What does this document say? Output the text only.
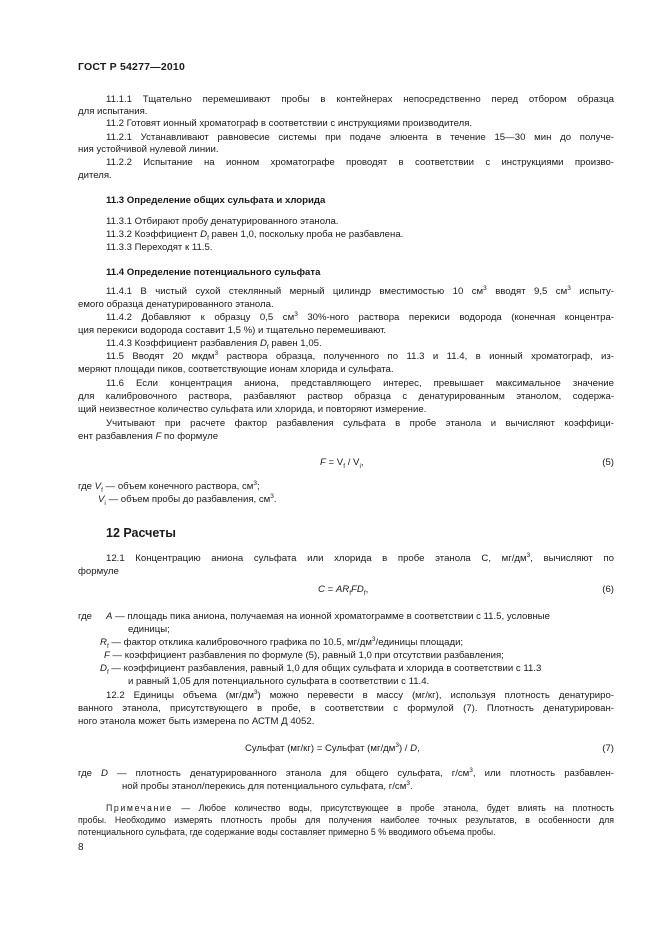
ГОСТ Р 54277—2010
11.1.1 Тщательно перемешивают пробы в контейнерах непосредственно перед отбором образца
для испытания.
11.2 Готовят ионный хроматограф в соответствии с инструкциями производителя.
11.2.1 Устанавливают равновесие системы при подаче элюента в течение 15—30 мин до получе-
ния устойчивой нулевой линии.
11.2.2 Испытание на ионном хроматографе проводят в соответствии с инструкциями произво-
дителя.
11.3 Определение общих сульфата и хлорида
11.3.1 Отбирают пробу денатурированного этанола.
11.3.2 Коэффициент $D_f$ равен 1,0, поскольку проба не разбавлена.
11.3.3 Переходят к 11.5.
11.4 Определение потенциального сульфата
11.4.1 В чистый сухой стеклянный мерный цилиндр вместимостью 10 $см^3$ вводят 9,5 $см^3$ испыту-
емого образца денатурированного этанола.
11.4.2 Добавляют к образцу 0,5 $см^3$ 30%-ного раствора перекиси водорода (конечная концентра-
ция перекиси водорода составит 1,5 %) и тщательно перемешивают.
11.4.3 Коэффициент разбавления $D_f$ равен 1,05.
11.5 Вводят 20 мкдм$^3$ раствора образца, полученного по 11.3 и 11.4, в ионный хроматограф, из-
меряют площади пиков, соответствующие ионам хлорида и сульфата.
11.6 Если концентрация аниона, представляющего интерес, превышает максимальное значение
для калибровочного раствора, разбавляют раствор образца с денатурированным этанолом, содержа-
щий неизвестное количество сульфата или хлорида, и повторяют измерение.
Учитывают при расчете фактор разбавления сульфата в пробе этанола и вычисляют коэффици-
ент разбавления F по формуле
$F = V_f / V_i$,	(5)
где $V_f$ — объем конечного раствора, $см^3$;
$V_i$ — объем пробы до разбавления, $см^3$.
12 Расчеты
12.1 Концентрацию аниона сульфата или хлорида в пробе этанола C, $мг/дм^3$, вычисляют по
формуле
$C = AR_fFD_f$,	(6)
где A — площадь пика аниона, получаемая на ионной хроматограмме в соответствии с 11.5, условные
единицы;
$R_f$ — фактор отклика калибровочного графика по 10.5, $мг/дм^3$/единицы площади;
F — коэффициент разбавления по формуле (5), равный 1,0 при отсутствии разбавления;
$D_f$ — коэффициент разбавления, равный 1,0 для общих сульфата и хлорида в соответствии с 11.3
и равный 1,05 для потенциального сульфата в соответствии с 11.4.
12.2 Единицы объема $(мг/дм^3)$ можно перевести в массу (мг/кг), используя плотность денатуриро-
ванного этанола, присутствующего в пробе, в соответствии с формулой (7). Плотность денатурирован-
ного этанола может быть измерена по АСТМ Д 4052.
Сульфат (мг/кг) = Сульфат $(мг/дм^3)$ / D,	(7)
где D — плотность денатурированного этанола для общего сульфата, $г/см^3$, или плотность разбавлен-
ной пробы этанол/перекись для потенциального сульфата, $г/см^3$.
Примечание — Любое количество воды, присутствующее в пробе этанола, будет влиять на плотность
пробы. Необходимо измерять плотность пробы для получения наиболее точных результатов, в особенности для
потенциального сульфата, где содержание воды составляет примерно 5 % вводимого объема пробы.
8
